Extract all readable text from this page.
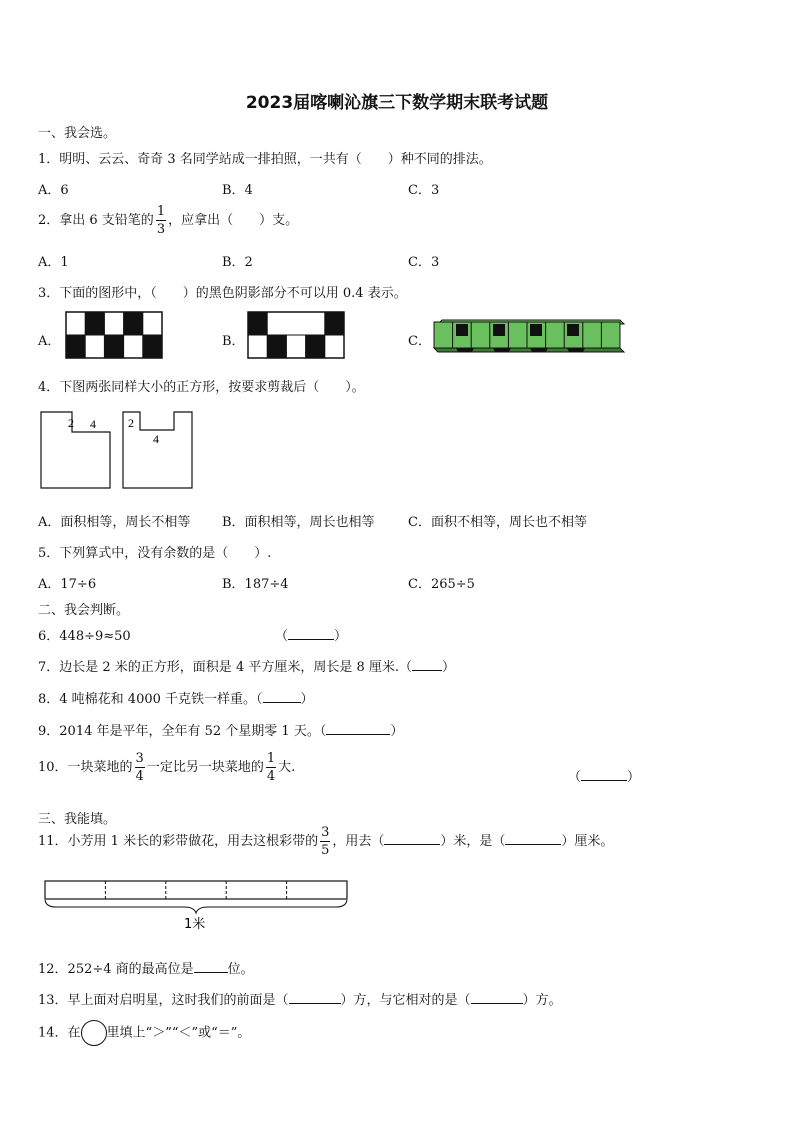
2023届喀喇沁旗三下数学期末联考试题
一、我会选。
1．明明、云云、奇奇 3 名同学站成一排拍照，一共有（　　）种不同的排法。
A．6	B．4	C．3
2．拿出 6 支铅笔的 $\frac{1}{3}$ ，应拿出（　　）支。
A．1	B．2	C．3
3．下面的图形中，（　　）的黑色阴影部分不可以用 0.4 表示。
A．	B．	C．
4．下图两张同样大小的正方形，按要求剪裁后（　　）。
2 4	2
4
A．面积相等，周长不相等 B．面积相等，周长也相等	C．面积不相等，周长也不相等
5．下列算式中，没有余数的是（　　）.
A．17÷6	B．187÷4	C．265÷5
二、我会判断。
6．448÷9≈50	（	）
7．边长是 2 米的正方形，面积是 4 平方厘米，周长是 8 厘米.（ ）
8．4 吨棉花和 4000 千克铁一样重。（	）
9．2014 年是平年，全年有 52 个星期零 1 天。（	）
10．一块菜地的 $\frac{3}{4}$ 一定比另一块菜地的 $\frac{1}{4}$ 大.
（	）
三、我能填。
11．小芳用 1 米长的彩带做花，用去这根彩带的 $\frac{3}{5}$ ，用去（	）米，是（	）厘米。
1米
12．252÷4 商的最高位是	位。
13．早上面对启明星，这时我们的前面是（	）方，与它相对的是（	）方。
14．在 里填上“＞”“＜”或“＝”。
